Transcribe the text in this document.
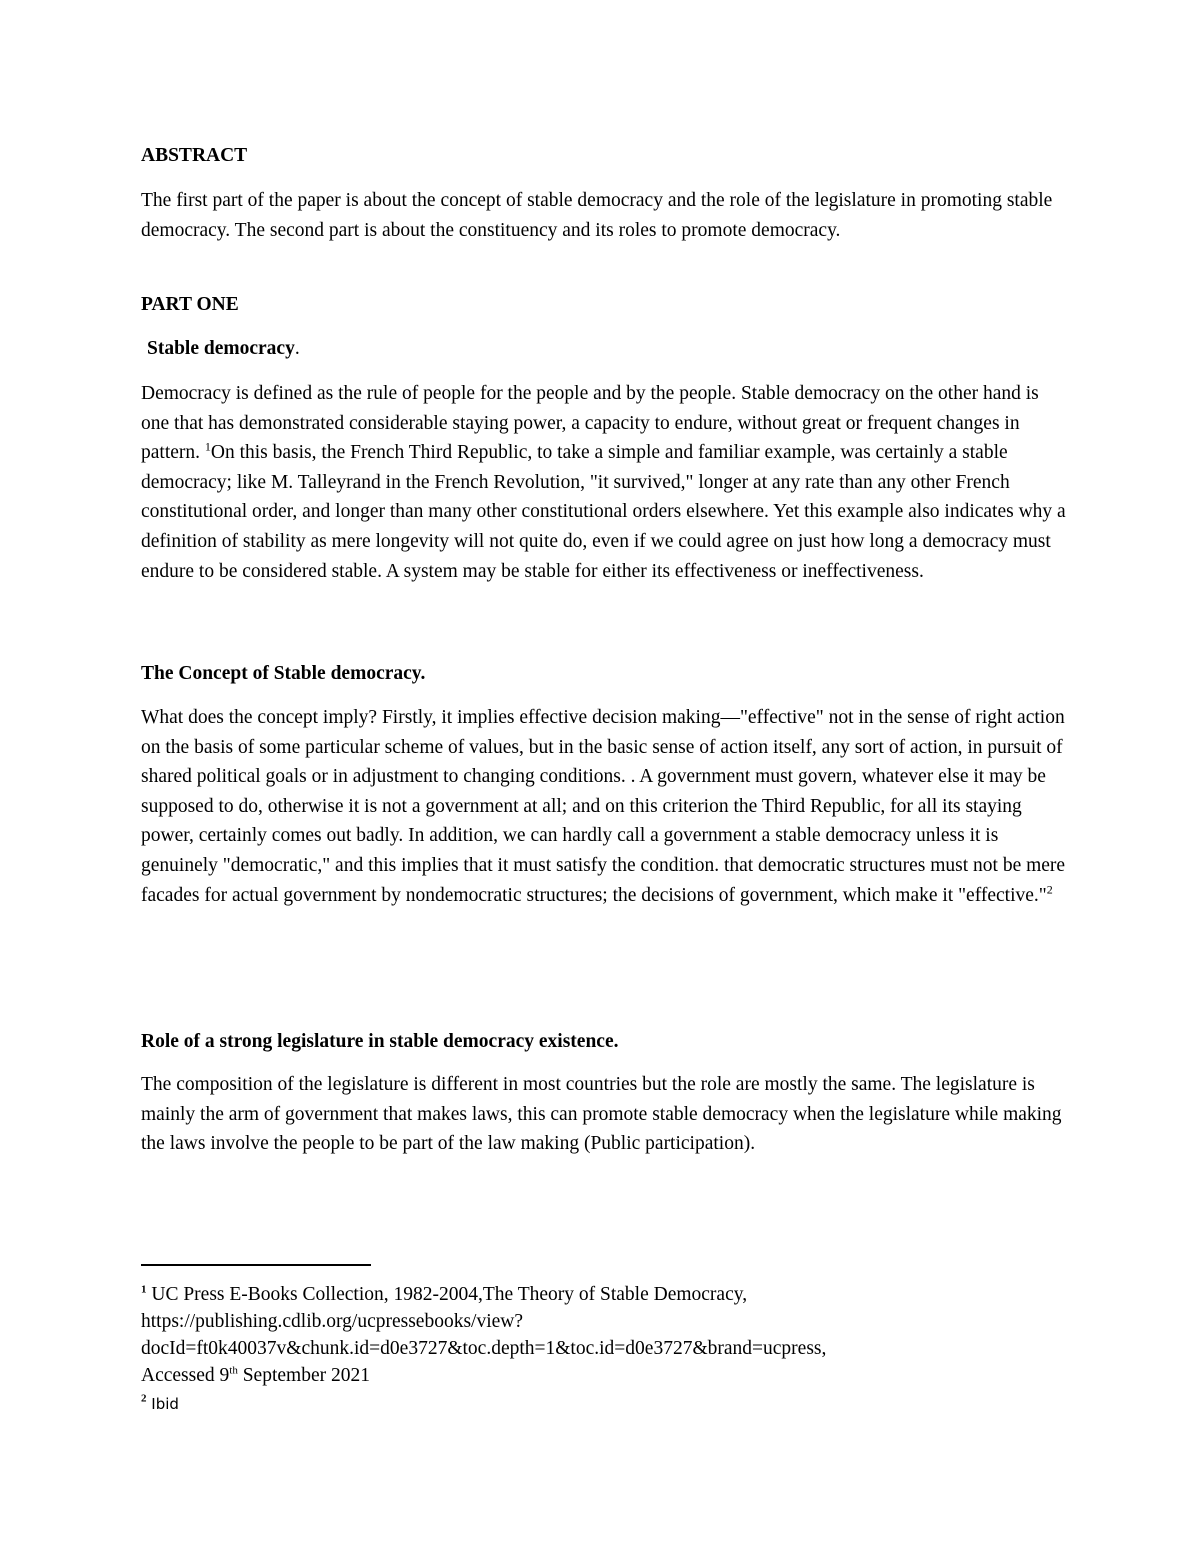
ABSTRACT

The first part of the paper is about the concept of stable democracy and the role of the legislature in promoting stable democracy. The second part is about the constituency and its roles to promote democracy.

PART ONE

Stable democracy.

Democracy is defined as the rule of people for the people and by the people. Stable democracy on the other hand is one that has demonstrated considerable staying power, a capacity to endure, without great or frequent changes in pattern. $^1$On this basis, the French Third Republic, to take a simple and familiar example, was certainly a stable democracy; like M. Talleyrand in the French Revolution, "it survived," longer at any rate than any other French constitutional order, and longer than many other constitutional orders elsewhere. Yet this example also indicates why a definition of stability as mere longevity will not quite do, even if we could agree on just how long a democracy must endure to be considered stable. A system may be stable for either its effectiveness or ineffectiveness.

The Concept of Stable democracy.

What does the concept imply? Firstly, it implies effective decision making—"effective" not in the sense of right action on the basis of some particular scheme of values, but in the basic sense of action itself, any sort of action, in pursuit of shared political goals or in adjustment to changing conditions. . A government must govern, whatever else it may be supposed to do, otherwise it is not a government at all; and on this criterion the Third Republic, for all its staying power, certainly comes out badly. In addition, we can hardly call a government a stable democracy unless it is genuinely "democratic," and this implies that it must satisfy the condition. that democratic structures must not be mere facades for actual government by nondemocratic structures; the decisions of government, which make it "effective."$^2$

Role of a strong legislature in stable democracy existence.

The composition of the legislature is different in most countries but the role are mostly the same. The legislature is mainly the arm of government that makes laws, this can promote stable democracy when the legislature while making the laws involve the people to be part of the law making (Public participation).

$^1$ UC Press E-Books Collection, 1982-2004,The Theory of Stable Democracy,
https://publishing.cdlib.org/ucpressebooks/view?
docId=ft0k40037v&chunk.id=d0e3727&toc.depth=1&toc.id=d0e3727&brand=ucpress,
Accessed 9th September 2021

$^2$ Ibid
